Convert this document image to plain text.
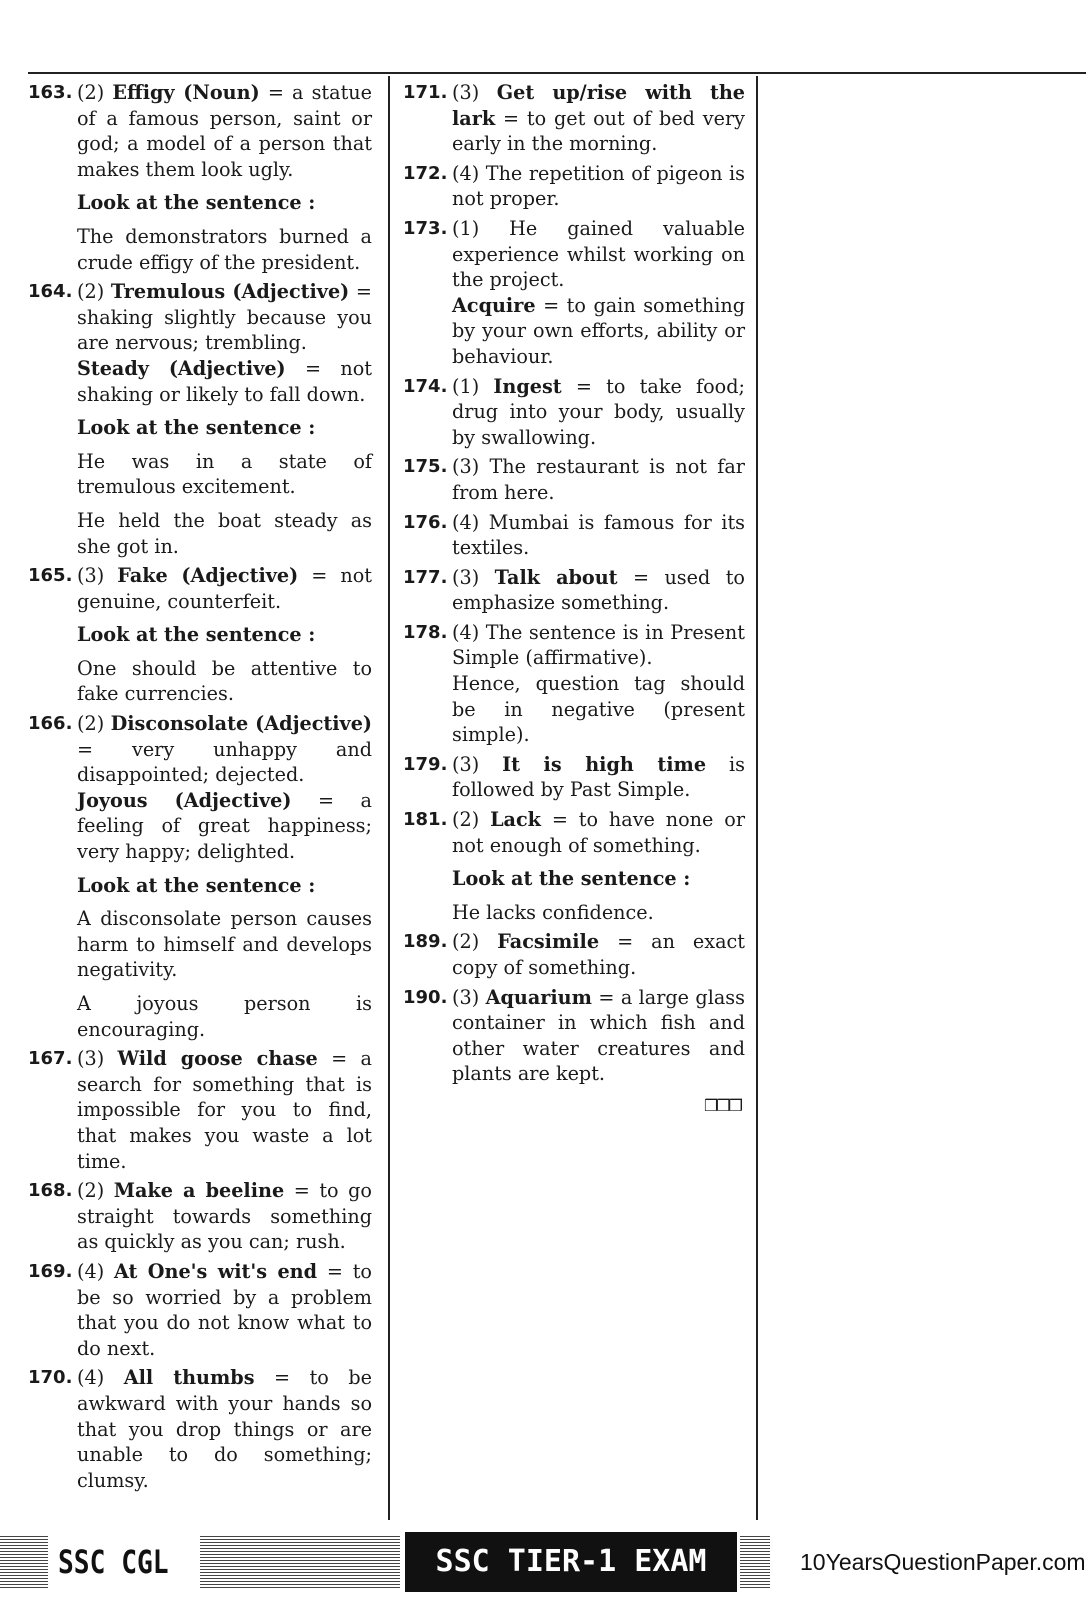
163. (2) Effigy (Noun) = a statue of a famous person, saint or god; a model of a person that makes them look ugly.

Look at the sentence :

The demonstrators burned a crude effigy of the president.

164. (2) Tremulous (Adjective) = shaking slightly because you are nervous; trembling.

Steady (Adjective) = not shaking or likely to fall down.

Look at the sentence :

He was in a state of tremulous excitement.

He held the boat steady as she got in.

165. (3) Fake (Adjective) = not genuine, counterfeit.

Look at the sentence :

One should be attentive to fake currencies.

166. (2) Disconsolate (Adjective) = very unhappy and disappointed; dejected.

Joyous (Adjective) = a feeling of great happiness; very happy; delighted.

Look at the sentence :

A disconsolate person causes harm to himself and develops negativity.

A joyous person is encouraging.

167. (3) Wild goose chase = a search for something that is impossible for you to find, that makes you waste a lot time.

168. (2) Make a beeline = to go straight towards something as quickly as you can; rush.

169. (4) At One's wit's end = to be so worried by a problem that you do not know what to do next.

170. (4) All thumbs = to be awkward with your hands so that you drop things or are unable to do something; clumsy.

171. (3) Get up/rise with the lark = to get out of bed very early in the morning.

172. (4) The repetition of pigeon is not proper.

173. (1) He gained valuable experience whilst working on the project.

Acquire = to gain something by your own efforts, ability or behaviour.

174. (1) Ingest = to take food; drug into your body, usually by swallowing.

175. (3) The restaurant is not far from here.

176. (4) Mumbai is famous for its textiles.

177. (3) Talk about = used to emphasize something.

178. (4) The sentence is in Present Simple (affirmative).

Hence, question tag should be in negative (present simple).

179. (3) It is high time is followed by Past Simple.

181. (2) Lack = to have none or not enough of something.

Look at the sentence :

He lacks confidence.

189. (2) Facsimile = an exact copy of something.

190. (3) Aquarium = a large glass container in which fish and other water creatures and plants are kept.

❒❒❒
SSC CGL	SSC TIER-1 EXAM	10YearsQuestionPaper.com
